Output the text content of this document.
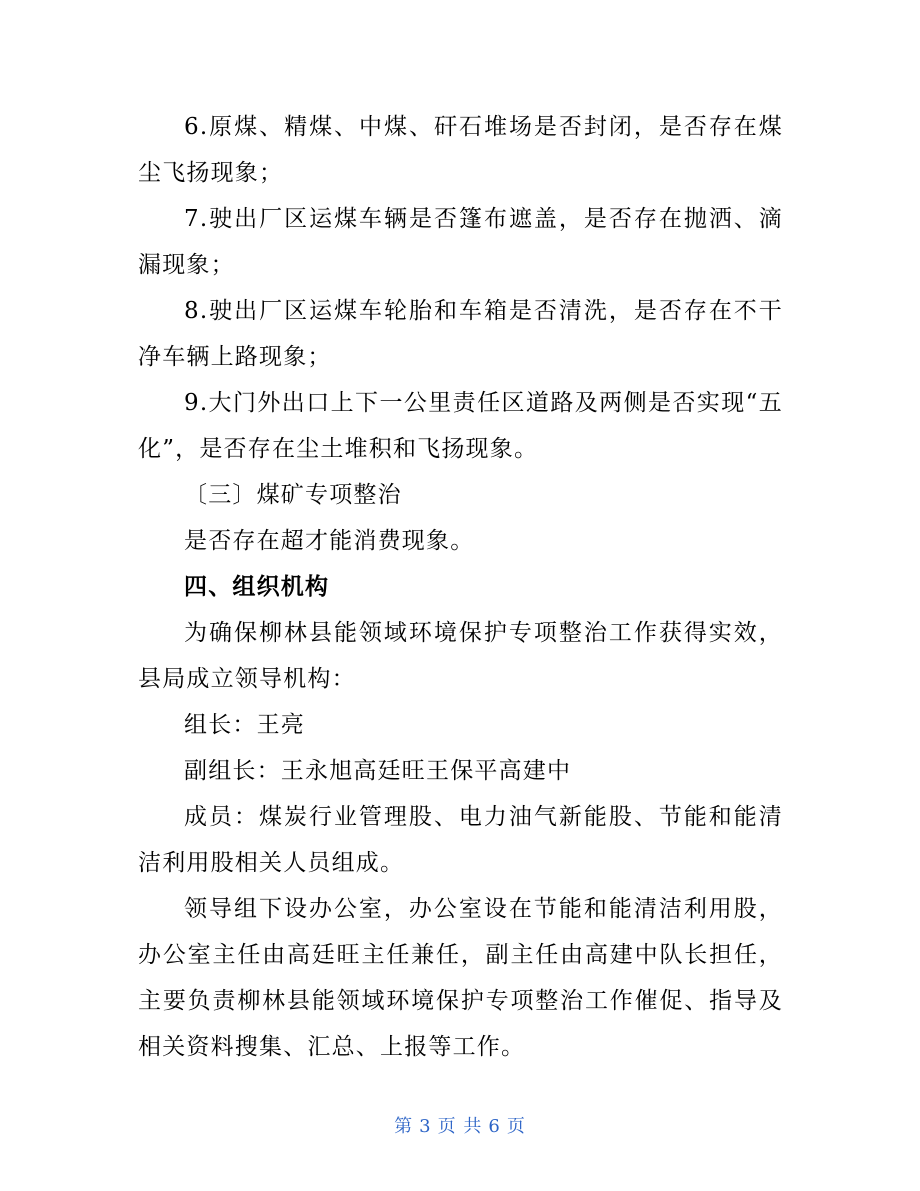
6.原煤、精煤、中煤、矸石堆场是否封闭，是否存在煤尘飞扬现象；

7.驶出厂区运煤车辆是否篷布遮盖，是否存在抛洒、滴漏现象；

8.驶出厂区运煤车轮胎和车箱是否清洗，是否存在不干净车辆上路现象；

9.大门外出口上下一公里责任区道路及两侧是否实现“五化”，是否存在尘土堆积和飞扬现象。

〔三〕煤矿专项整治

是否存在超才能消费现象。

四、组织机构

为确保柳林县能领域环境保护专项整治工作获得实效，县局成立领导机构：

组长：王亮

副组长：王永旭高廷旺王保平高建中

成员：煤炭行业管理股、电力油气新能股、节能和能清洁利用股相关人员组成。

领导组下设办公室，办公室设在节能和能清洁利用股，办公室主任由高廷旺主任兼任，副主任由高建中队长担任，主要负责柳林县能领域环境保护专项整治工作催促、指导及相关资料搜集、汇总、上报等工作。

第 3 页 共 6 页
